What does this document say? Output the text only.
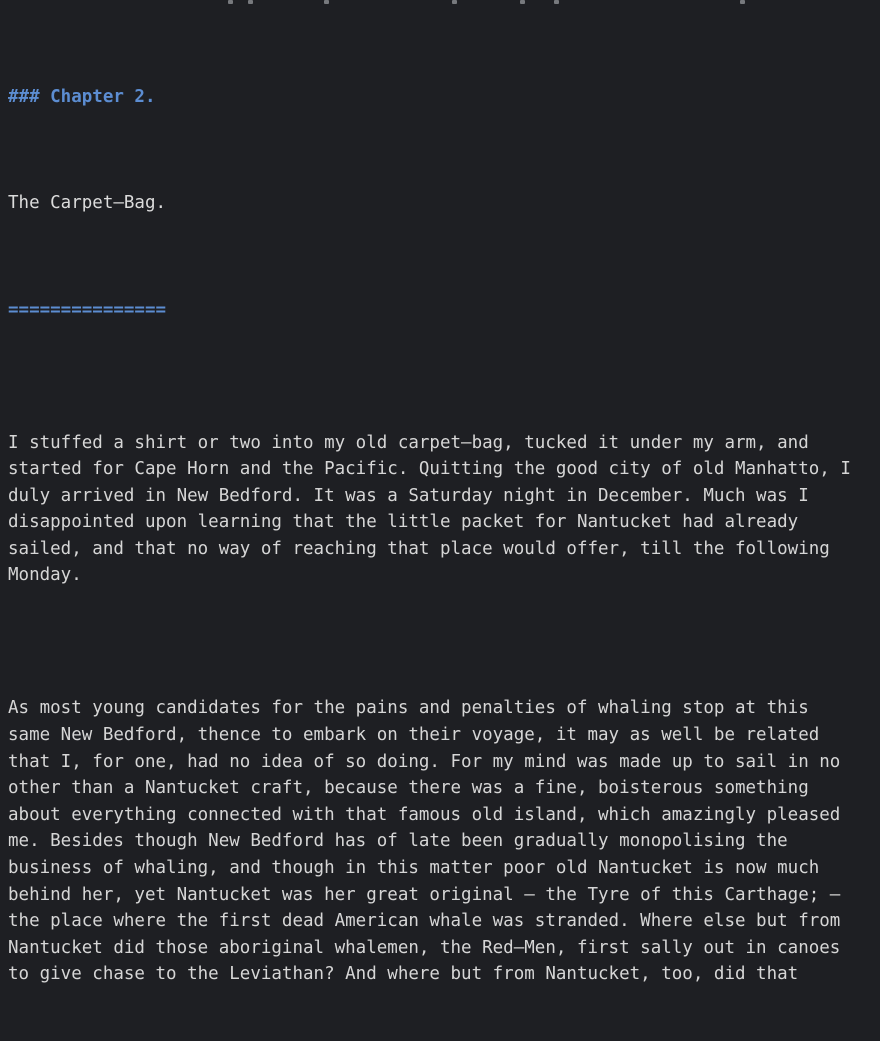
### Chapter 2.

The Carpet—Bag.

===============

I stuffed a shirt or two into my old carpet—bag, tucked it under my arm, and
started for Cape Horn and the Pacific. Quitting the good city of old Manhatto, I
duly arrived in New Bedford. It was a Saturday night in December. Much was I
disappointed upon learning that the little packet for Nantucket had already
sailed, and that no way of reaching that place would offer, till the following
Monday.

As most young candidates for the pains and penalties of whaling stop at this
same New Bedford, thence to embark on their voyage, it may as well be related
that I, for one, had no idea of so doing. For my mind was made up to sail in no
other than a Nantucket craft, because there was a fine, boisterous something
about everything connected with that famous old island, which amazingly pleased
me. Besides though New Bedford has of late been gradually monopolising the
business of whaling, and though in this matter poor old Nantucket is now much
behind her, yet Nantucket was her great original — the Tyre of this Carthage; —
the place where the first dead American whale was stranded. Where else but from
Nantucket did those aboriginal whalemen, the Red—Men, first sally out in canoes
to give chase to the Leviathan? And where but from Nantucket, too, did that
